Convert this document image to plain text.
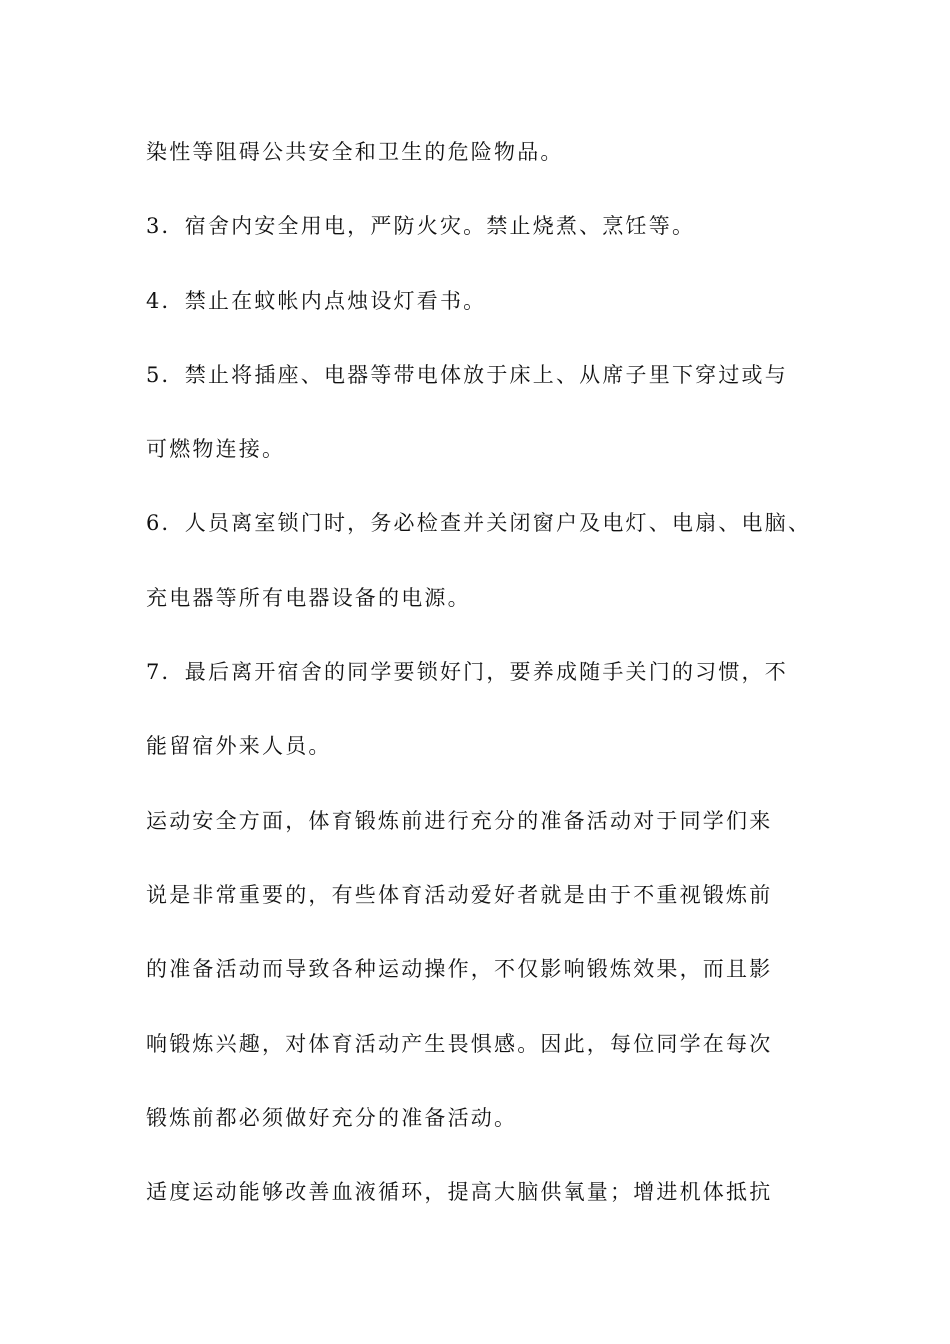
染性等阻碍公共安全和卫生的危险物品。
3．宿舍内安全用电，严防火灾。禁止烧煮、烹饪等。
4．禁止在蚊帐内点烛设灯看书。
5．禁止将插座、电器等带电体放于床上、从席子里下穿过或与
可燃物连接。
6．人员离室锁门时，务必检查并关闭窗户及电灯、电扇、电脑、
充电器等所有电器设备的电源。
7．最后离开宿舍的同学要锁好门，要养成随手关门的习惯，不
能留宿外来人员。
运动安全方面，体育锻炼前进行充分的准备活动对于同学们来
说是非常重要的，有些体育活动爱好者就是由于不重视锻炼前
的准备活动而导致各种运动操作，不仅影响锻炼效果，而且影
响锻炼兴趣，对体育活动产生畏惧感。因此，每位同学在每次
锻炼前都必须做好充分的准备活动。
适度运动能够改善血液循环，提高大脑供氧量；增进机体抵抗
